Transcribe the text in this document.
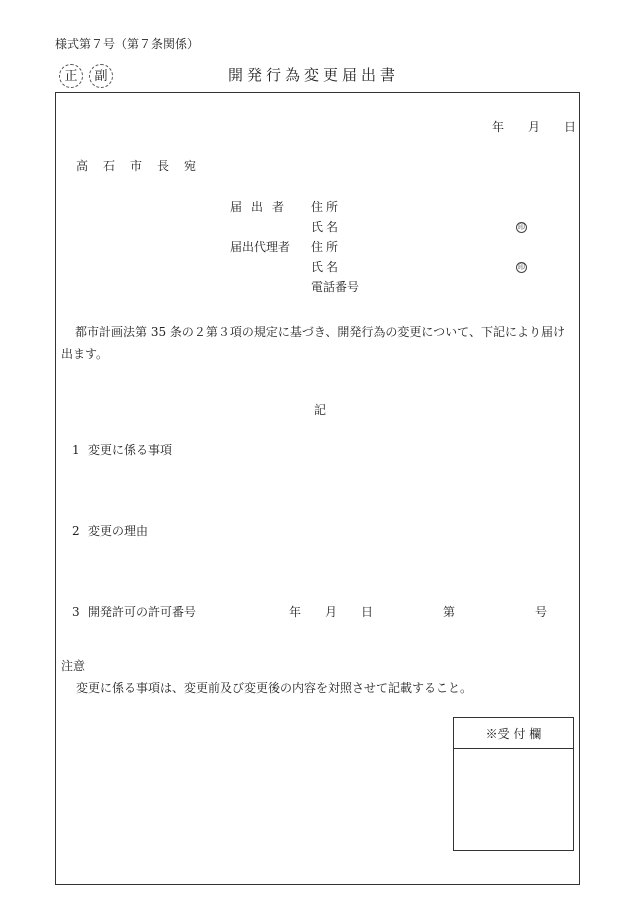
様式第７号（第７条関係）
正 副	開発行為変更届出書
年 月 日
高石市長宛
届出者 住所
氏名	印
届出代理者 住所
氏名	印
電話番号
都市計画法第 35 条の２第３項の規定に基づき、開発行為の変更について、下記により届け出ます。
記
1 変更に係る事項
2 変更の理由
3 開発許可の許可番号	年 月 日	第	号
注意
変更に係る事項は、変更前及び変更後の内容を対照させて記載すること。
※受 付 欄
